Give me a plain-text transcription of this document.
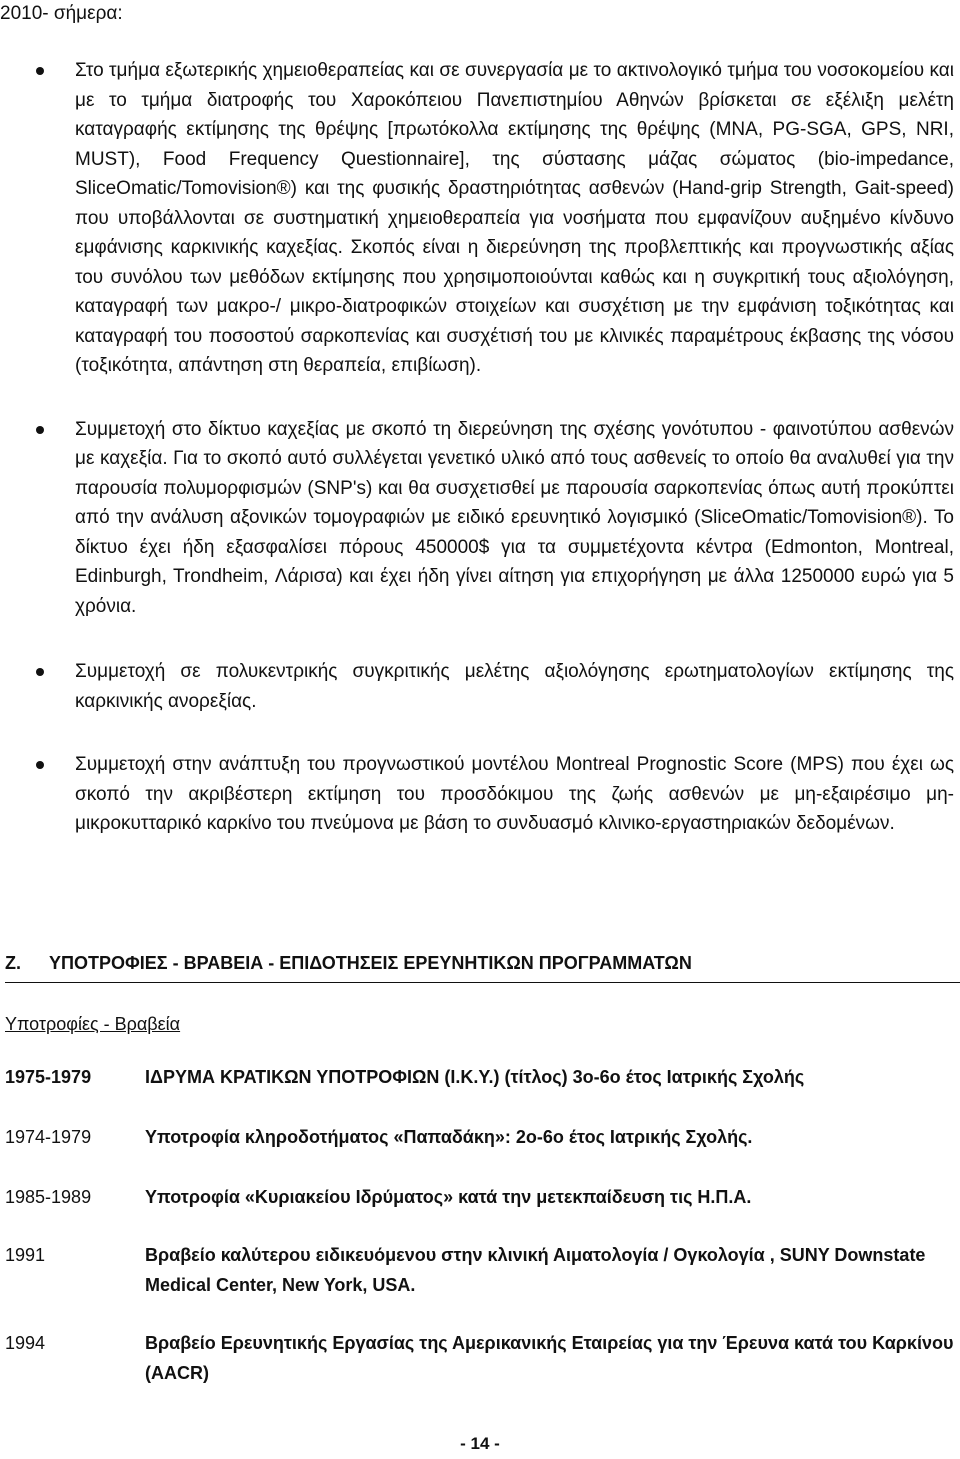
2010- σήμερα:
Στο τμήμα εξωτερικής χημειοθεραπείας και σε συνεργασία με το ακτινολογικό τμήμα του νοσοκομείου και με το τμήμα διατροφής του Χαροκόπειου Πανεπιστημίου Αθηνών βρίσκεται σε εξέλιξη μελέτη καταγραφής εκτίμησης της θρέψης [πρωτόκολλα εκτίμησης της θρέψης (MNA, PG-SGA, GPS, NRI, MUST), Food Frequency Questionnaire], της σύστασης μάζας σώματος (bio-impedance, SliceOmatic/Tomovision®) και της φυσικής δραστηριότητας ασθενών (Hand-grip Strength, Gait-speed) που υποβάλλονται σε συστηματική χημειοθεραπεία για νοσήματα που εμφανίζουν αυξημένο κίνδυνο εμφάνισης καρκινικής καχεξίας. Σκοπός είναι η διερεύνηση της προβλεπτικής και προγνωστικής αξίας του συνόλου των μεθόδων εκτίμησης που χρησιμοποιούνται καθώς και η συγκριτική τους αξιολόγηση, καταγραφή των μακρο-/ μικρο-διατροφικών στοιχείων και συσχέτιση με την εμφάνιση τοξικότητας και καταγραφή του ποσοστού σαρκοπενίας και συσχέτισή του με κλινικές παραμέτρους έκβασης της νόσου (τοξικότητα, απάντηση στη θεραπεία, επιβίωση).
Συμμετοχή στο δίκτυο καχεξίας με σκοπό τη διερεύνηση της σχέσης γονότυπου - φαινοτύπου ασθενών με καχεξία. Για το σκοπό αυτό συλλέγεται γενετικό υλικό από τους ασθενείς το οποίο θα αναλυθεί για την παρουσία πολυμορφισμών (SNP's) και θα συσχετισθεί με παρουσία σαρκοπενίας όπως αυτή προκύπτει από την ανάλυση αξονικών τομογραφιών με ειδικό ερευνητικό λογισμικό (SliceOmatic/Tomovision®). Το δίκτυο έχει ήδη εξασφαλίσει πόρους 450000$ για τα συμμετέχοντα κέντρα (Edmonton, Montreal, Edinburgh, Trondheim, Λάρισα) και έχει ήδη γίνει αίτηση για επιχορήγηση με άλλα 1250000 ευρώ για 5 χρόνια.
Συμμετοχή σε πολυκεντρικής συγκριτικής μελέτης αξιολόγησης ερωτηματολογίων εκτίμησης της καρκινικής ανορεξίας.
Συμμετοχή στην ανάπτυξη του προγνωστικού μοντέλου Montreal Prognostic Score (MPS) που έχει ως σκοπό την ακριβέστερη εκτίμηση του προσδόκιμου της ζωής ασθενών με μη-εξαιρέσιμο μη-μικροκυτταρικό καρκίνο του πνεύμονα με βάση το συνδυασμό κλινικο-εργαστηριακών δεδομένων.
Ζ.	ΥΠΟΤΡΟΦΙΕΣ - ΒΡΑΒΕΙΑ - ΕΠΙΔΟΤΗΣΕΙΣ ΕΡΕΥΝΗΤΙΚΩΝ ΠΡΟΓΡΑΜΜΑΤΩΝ
Υποτροφίες - Βραβεία
1975-1979	ΙΔΡΥΜΑ ΚΡΑΤΙΚΩΝ ΥΠΟΤΡΟΦΙΩΝ (Ι.Κ.Υ.) (τίτλος) 3ο-6ο έτος Ιατρικής Σχολής
1974-1979	Υποτροφία κληροδοτήματος «Παπαδάκη»: 2ο-6ο έτος Ιατρικής Σχολής.
1985-1989	Υποτροφία «Κυριακείου Ιδρύματος» κατά την μετεκπαίδευση τις Η.Π.Α.
1991	Βραβείο καλύτερου ειδικευόμενου στην κλινική Αιματολογία / Ογκολογία , SUNY Downstate Medical Center, New York, USA.
1994	Βραβείο Ερευνητικής Εργασίας της Αμερικανικής Εταιρείας για την Έρευνα κατά του Καρκίνου (AACR)
- 14 -
